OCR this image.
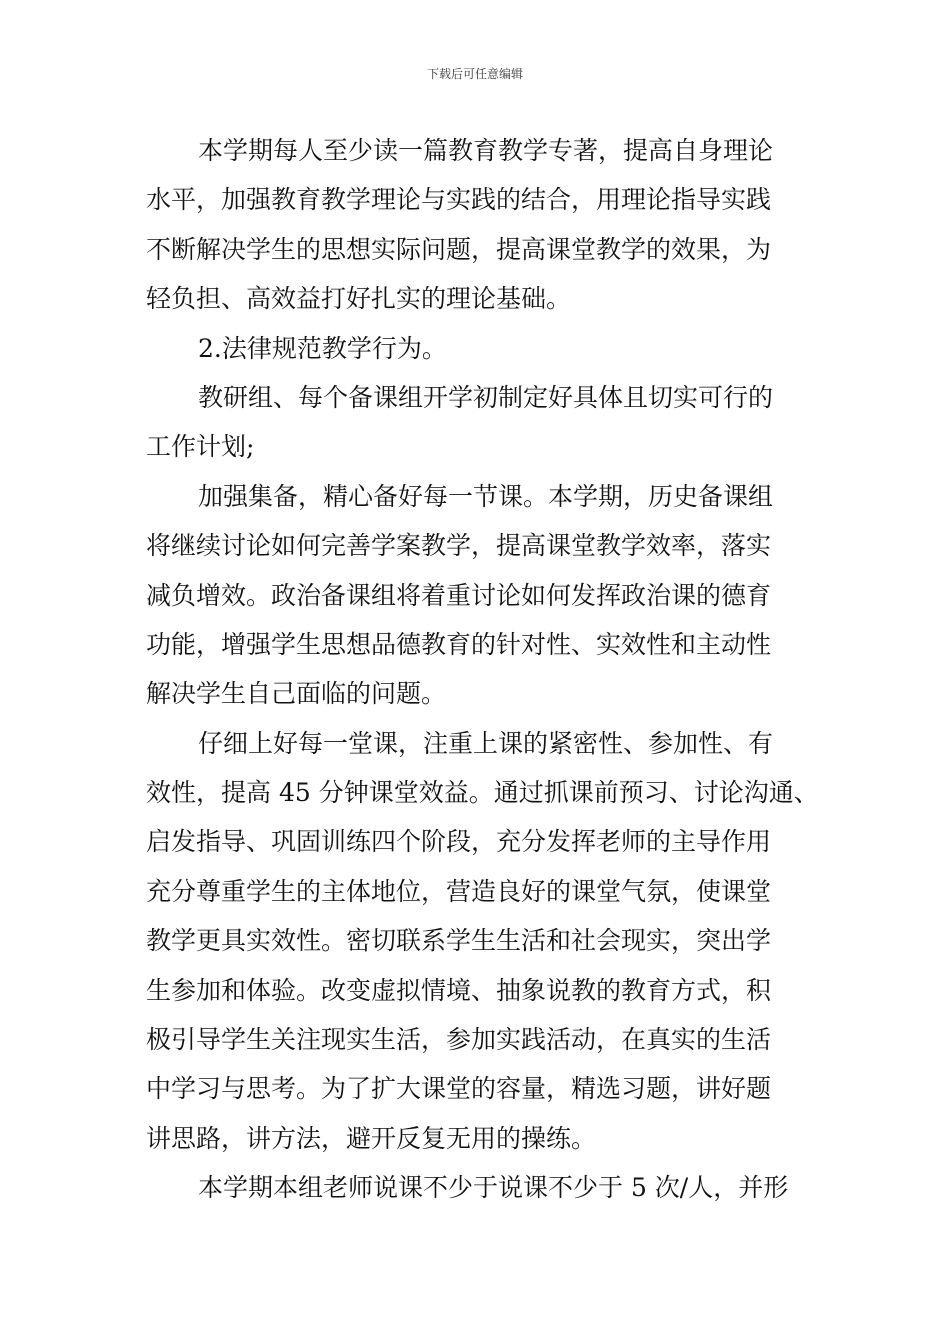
下载后可任意编辑
本学期每人至少读一篇教育教学专著，提高自身理论
水平，加强教育教学理论与实践的结合，用理论指导实践
不断解决学生的思想实际问题，提高课堂教学的效果，为
轻负担、高效益打好扎实的理论基础。
2.法律规范教学行为。
教研组、每个备课组开学初制定好具体且切实可行的
工作计划;
加强集备，精心备好每一节课。本学期，历史备课组
将继续讨论如何完善学案教学，提高课堂教学效率，落实
减负增效。政治备课组将着重讨论如何发挥政治课的德育
功能，增强学生思想品德教育的针对性、实效性和主动性
解决学生自己面临的问题。
仔细上好每一堂课，注重上课的紧密性、参加性、有
效性，提高 45 分钟课堂效益。通过抓课前预习、讨论沟通、
启发指导、巩固训练四个阶段，充分发挥老师的主导作用
充分尊重学生的主体地位，营造良好的课堂气氛，使课堂
教学更具实效性。密切联系学生生活和社会现实，突出学
生参加和体验。改变虚拟情境、抽象说教的教育方式，积
极引导学生关注现实生活，参加实践活动，在真实的生活
中学习与思考。为了扩大课堂的容量，精选习题，讲好题
讲思路，讲方法，避开反复无用的操练。
本学期本组老师说课不少于说课不少于 5 次/人，并形
